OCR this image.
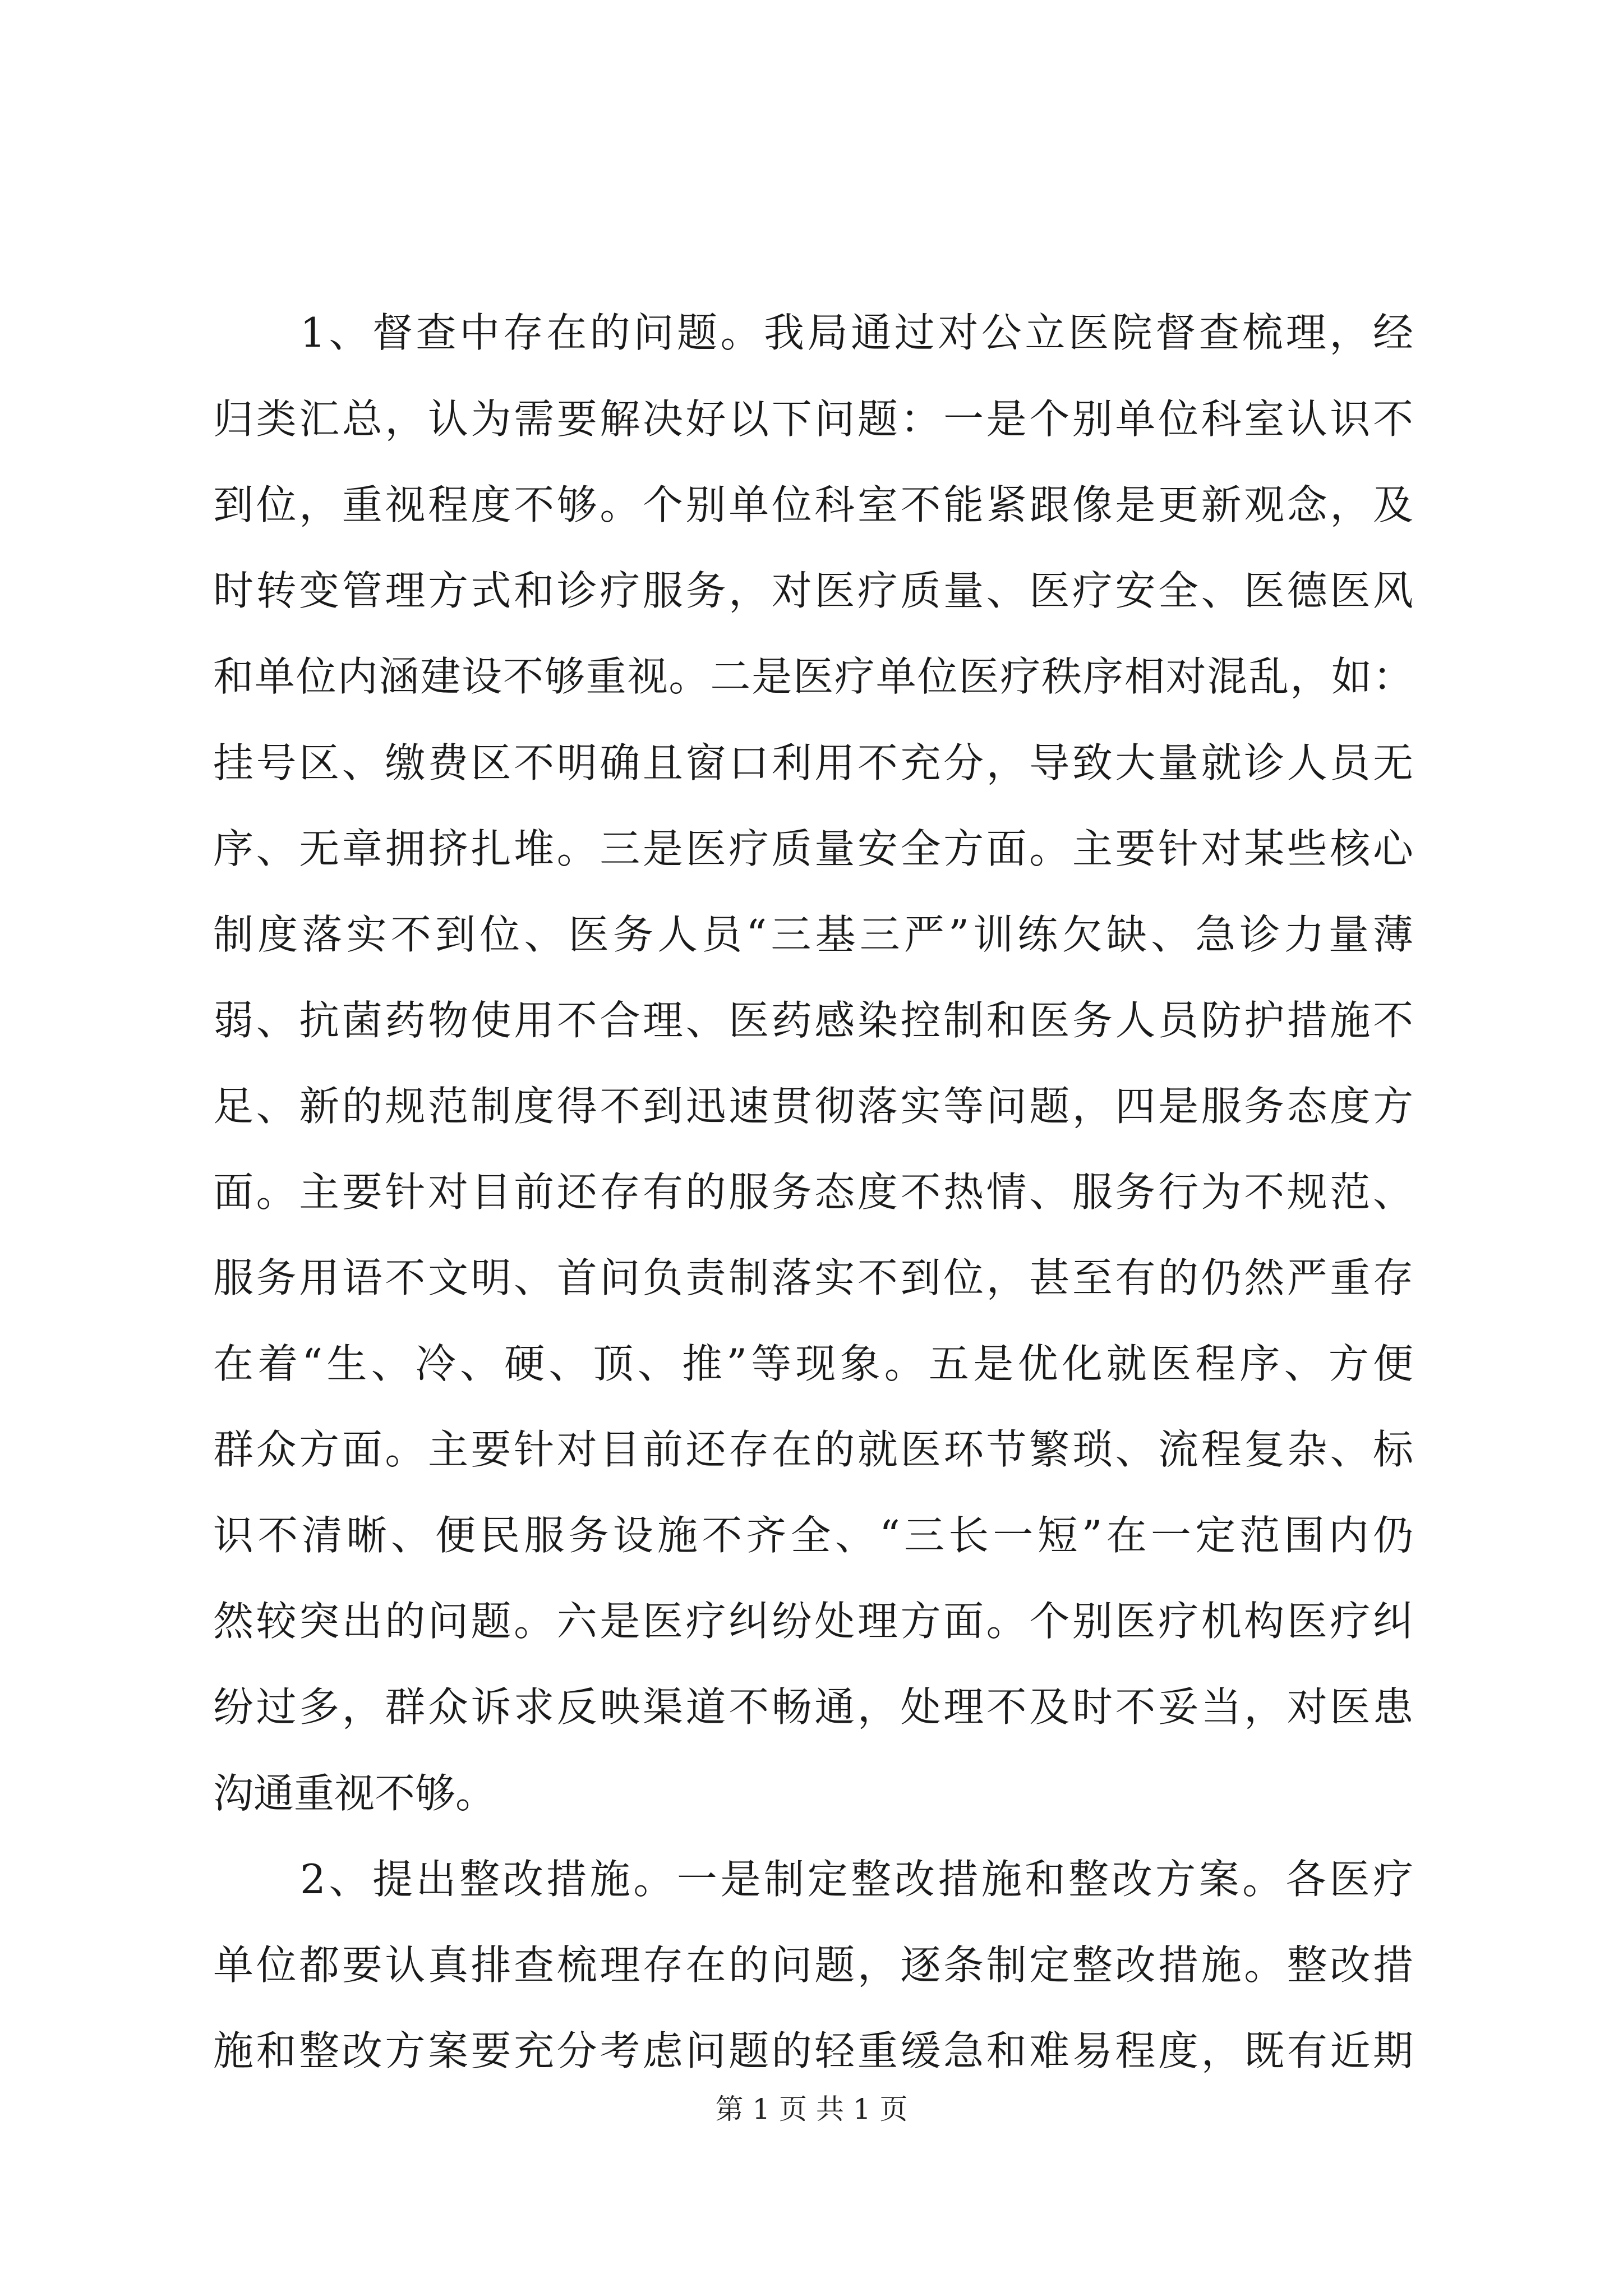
1、督查中存在的问题。我局通过对公立医院督查梳理，经
归类汇总，认为需要解决好以下问题：一是个别单位科室认识不
到位，重视程度不够。个别单位科室不能紧跟像是更新观念，及
时转变管理方式和诊疗服务，对医疗质量、医疗安全、医德医风
和单位内涵建设不够重视。二是医疗单位医疗秩序相对混乱，如：
挂号区、缴费区不明确且窗口利用不充分，导致大量就诊人员无
序、无章拥挤扎堆。三是医疗质量安全方面。主要针对某些核心
制度落实不到位、医务人员“三基三严”训练欠缺、急诊力量薄
弱、抗菌药物使用不合理、医药感染控制和医务人员防护措施不
足、新的规范制度得不到迅速贯彻落实等问题，四是服务态度方
面。主要针对目前还存有的服务态度不热情、服务行为不规范、
服务用语不文明、首问负责制落实不到位，甚至有的仍然严重存
在着“生、冷、硬、顶、推”等现象。五是优化就医程序、方便
群众方面。主要针对目前还存在的就医环节繁琐、流程复杂、标
识不清晰、便民服务设施不齐全、“三长一短”在一定范围内仍
然较突出的问题。六是医疗纠纷处理方面。个别医疗机构医疗纠
纷过多，群众诉求反映渠道不畅通，处理不及时不妥当，对医患
沟通重视不够。
2、提出整改措施。一是制定整改措施和整改方案。各医疗
单位都要认真排查梳理存在的问题，逐条制定整改措施。整改措
施和整改方案要充分考虑问题的轻重缓急和难易程度，既有近期
第 1 页 共 1 页
